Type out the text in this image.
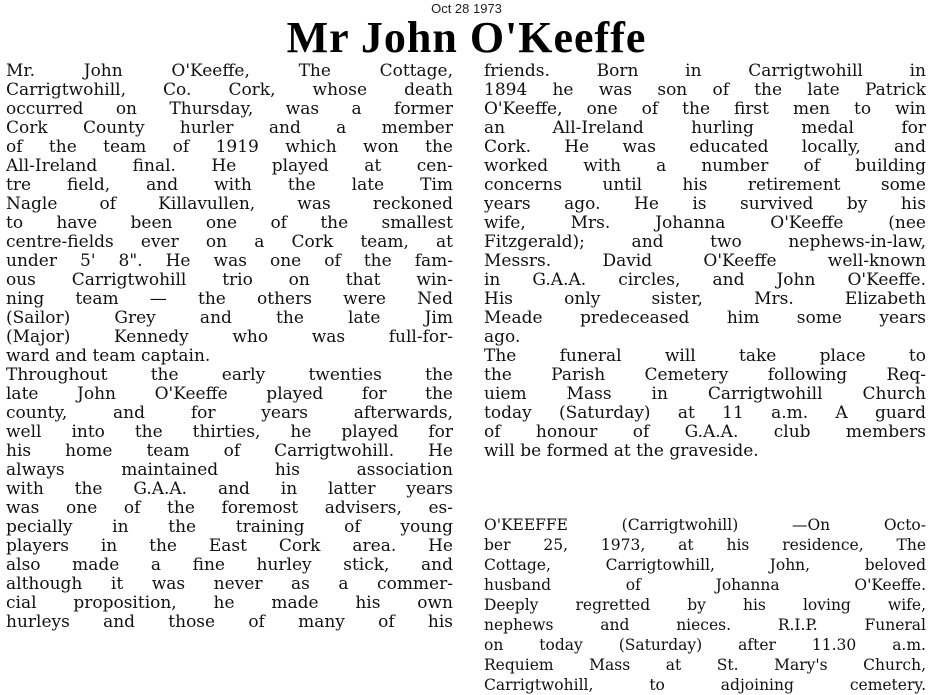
Oct 28 1973
Mr John O'Keeffe
Mr. John O'Keeffe, The Cottage,
Carrigtwohill, Co. Cork, whose death
occurred on Thursday, was a former
Cork County hurler and a member
of the team of 1919 which won the
All-Ireland final. He played at cen-
tre field, and with the late Tim
Nagle of Killavullen, was reckoned
to have been one of the smallest
centre-fields ever on a Cork team, at
under 5' 8". He was one of the fam-
ous Carrigtwohill trio on that win-
ning team — the others were Ned
(Sailor) Grey and the late Jim
(Major) Kennedy who was full-for-
ward and team captain.
Throughout the early twenties the
late John O'Keeffe played for the
county, and for years afterwards,
well into the thirties, he played for
his home team of Carrigtwohill. He
always maintained his association
with the G.A.A. and in latter years
was one of the foremost advisers, es-
pecially in the training of young
players in the East Cork area. He
also made a fine hurley stick, and
although it was never as a commer-
cial proposition, he made his own
hurleys and those of many of his
friends. Born in Carrigtwohill in
1894 he was son of the late Patrick
O'Keeffe, one of the first men to win
an All-Ireland hurling medal for
Cork. He was educated locally, and
worked with a number of building
concerns until his retirement some
years ago. He is survived by his
wife, Mrs. Johanna O'Keeffe (nee
Fitzgerald); and two nephews-in-law,
Messrs. David O'Keeffe well-known
in G.A.A. circles, and John O'Keeffe.
His only sister, Mrs. Elizabeth
Meade predeceased him some years
ago.
The funeral will take place to
the Parish Cemetery following Req-
uiem Mass in Carrigtwohill Church
today (Saturday) at 11 a.m. A guard
of honour of G.A.A. club members
will be formed at the graveside.
O'KEEFFE (Carrigtwohill) —On Octo-
ber 25, 1973, at his residence, The
Cottage, Carrigtowhill, John, beloved
husband of Johanna O'Keeffe.
Deeply regretted by his loving wife,
nephews and nieces. R.I.P. Funeral
on today (Saturday) after 11.30 a.m.
Requiem Mass at St. Mary's Church,
Carrigtwohill, to adjoining cemetery.
